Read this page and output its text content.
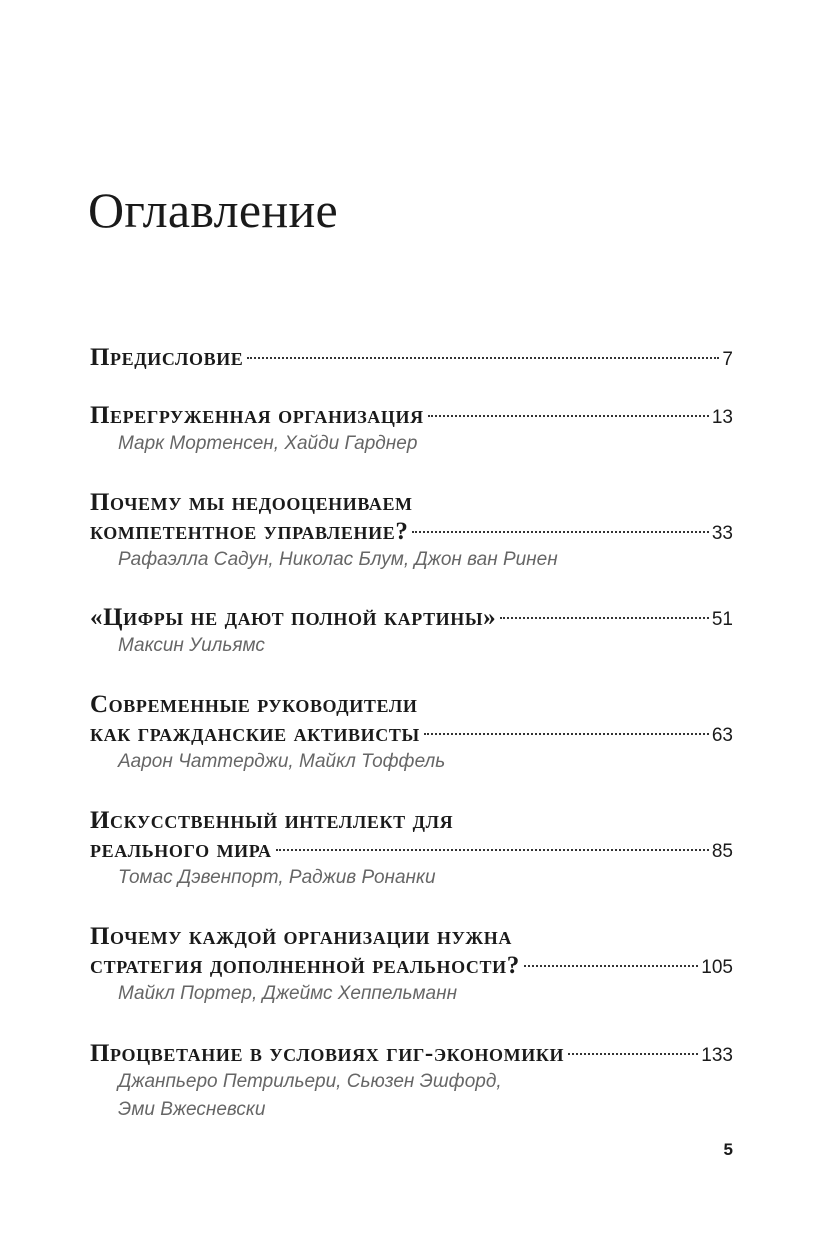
Оглавление
Предисловие	7
Перегруженная организация	13
Марк Мортенсен, Хайди Гарднер
Почему мы недооцениваем
компетентное управление?	33
Рафаэлла Садун, Николас Блум, Джон ван Ринен
«Цифры не дают полной картины»	51
Максин Уильямс
Современные руководители
как гражданские активисты	63
Аарон Чаттерджи, Майкл Тоффель
Искусственный интеллект для
реального мира	85
Томас Дэвенпорт, Раджив Ронанки
Почему каждой организации нужна
стратегия дополненной реальности?	105
Майкл Портер, Джеймс Хеппельманн
Процветание в условиях гиг-экономики	133
Джанпьеро Петрильери, Сьюзен Эшфорд,
Эми Вжесневски
5
